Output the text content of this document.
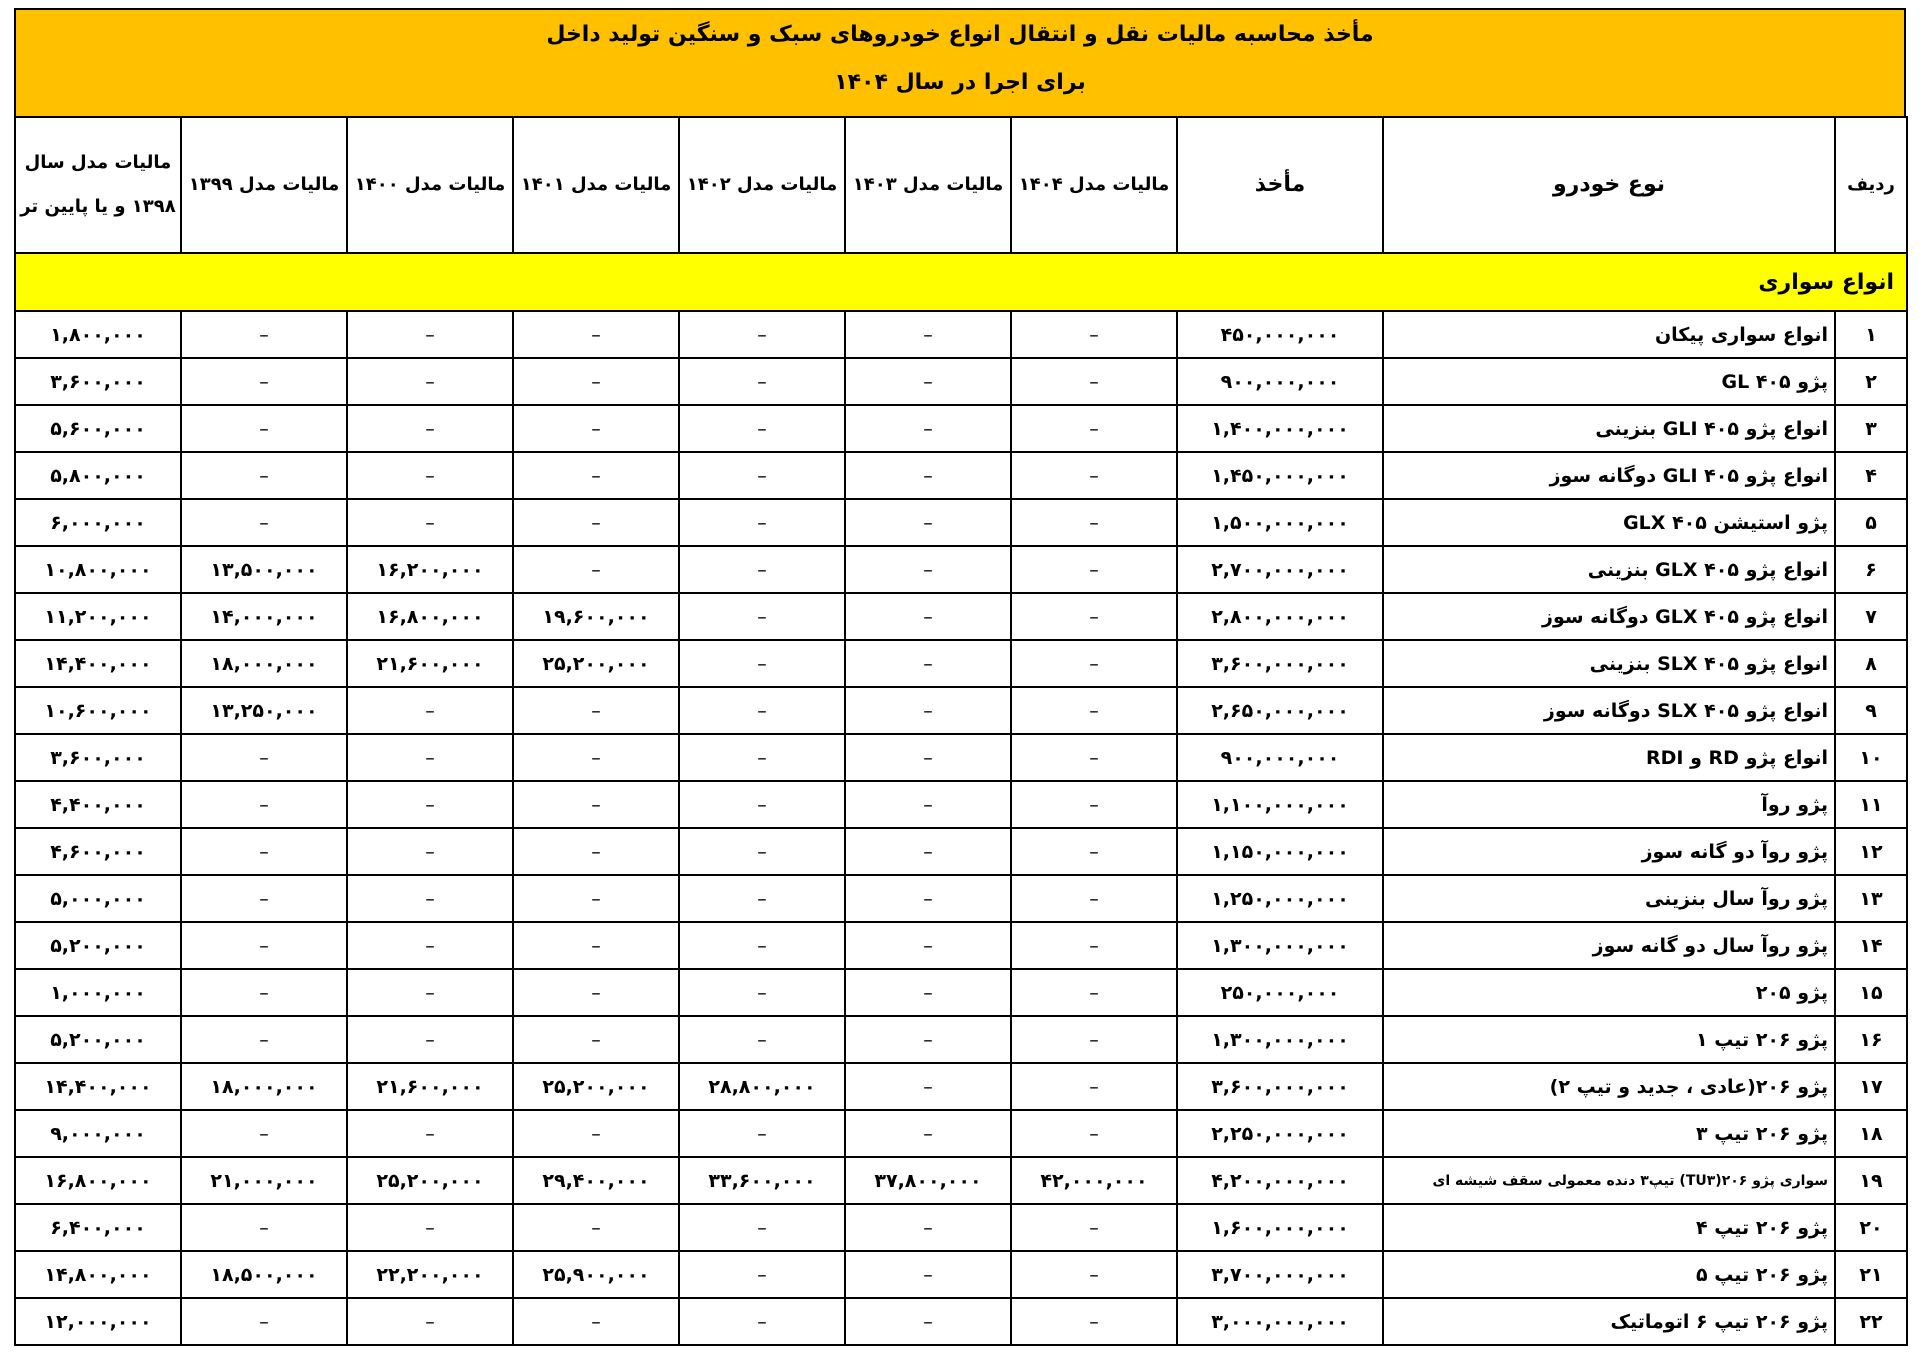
مأخذ محاسبه مالیات نقل و انتقال انواع خودروهای سبک و سنگین تولید داخل
برای اجرا در سال ۱۴۰۴
ردیف	نوع خودرو	مأخذ	مالیات مدل ۱۴۰۴	مالیات مدل ۱۴۰۳	مالیات مدل ۱۴۰۲	مالیات مدل ۱۴۰۱	مالیات مدل ۱۴۰۰	مالیات مدل ۱۳۹۹	مالیات مدل سال ۱۳۹۸ و یا پایین تر
انواع سواری									
۱	انواع سواری پیکان	۴۵۰,۰۰۰,۰۰۰	–	–	–	–	–	–	۱,۸۰۰,۰۰۰
۲	پژو ۴۰۵ GL	۹۰۰,۰۰۰,۰۰۰	–	–	–	–	–	–	۳,۶۰۰,۰۰۰
۳	انواع پژو ۴۰۵ GLI بنزینی	۱,۴۰۰,۰۰۰,۰۰۰	–	–	–	–	–	–	۵,۶۰۰,۰۰۰
۴	انواع پژو ۴۰۵ GLI دوگانه سوز	۱,۴۵۰,۰۰۰,۰۰۰	–	–	–	–	–	–	۵,۸۰۰,۰۰۰
۵	پژو استیشن ۴۰۵ GLX	۱,۵۰۰,۰۰۰,۰۰۰	–	–	–	–	–	–	۶,۰۰۰,۰۰۰
۶	انواع پژو ۴۰۵ GLX بنزینی	۲,۷۰۰,۰۰۰,۰۰۰	–	–	–	–	۱۶,۲۰۰,۰۰۰	۱۳,۵۰۰,۰۰۰	۱۰,۸۰۰,۰۰۰
۷	انواع پژو ۴۰۵ GLX دوگانه سوز	۲,۸۰۰,۰۰۰,۰۰۰	–	–	–	۱۹,۶۰۰,۰۰۰	۱۶,۸۰۰,۰۰۰	۱۴,۰۰۰,۰۰۰	۱۱,۲۰۰,۰۰۰
۸	انواع پژو ۴۰۵ SLX بنزینی	۳,۶۰۰,۰۰۰,۰۰۰	–	–	–	۲۵,۲۰۰,۰۰۰	۲۱,۶۰۰,۰۰۰	۱۸,۰۰۰,۰۰۰	۱۴,۴۰۰,۰۰۰
۹	انواع پژو ۴۰۵ SLX دوگانه سوز	۲,۶۵۰,۰۰۰,۰۰۰	–	–	–	–	–	۱۳,۲۵۰,۰۰۰	۱۰,۶۰۰,۰۰۰
۱۰	انواع پژو RD و RDI	۹۰۰,۰۰۰,۰۰۰	–	–	–	–	–	–	۳,۶۰۰,۰۰۰
۱۱	پژو روآ	۱,۱۰۰,۰۰۰,۰۰۰	–	–	–	–	–	–	۴,۴۰۰,۰۰۰
۱۲	پژو روآ دو گانه سوز	۱,۱۵۰,۰۰۰,۰۰۰	–	–	–	–	–	–	۴,۶۰۰,۰۰۰
۱۳	پژو روآ سال بنزینی	۱,۲۵۰,۰۰۰,۰۰۰	–	–	–	–	–	–	۵,۰۰۰,۰۰۰
۱۴	پژو روآ سال دو گانه سوز	۱,۳۰۰,۰۰۰,۰۰۰	–	–	–	–	–	–	۵,۲۰۰,۰۰۰
۱۵	پژو ۲۰۵	۲۵۰,۰۰۰,۰۰۰	–	–	–	–	–	–	۱,۰۰۰,۰۰۰
۱۶	پژو ۲۰۶ تیپ ۱	۱,۳۰۰,۰۰۰,۰۰۰	–	–	–	–	–	–	۵,۲۰۰,۰۰۰
۱۷	پژو ۲۰۶(عادی ، جدید و تیپ ۲)	۳,۶۰۰,۰۰۰,۰۰۰	–	–	۲۸,۸۰۰,۰۰۰	۲۵,۲۰۰,۰۰۰	۲۱,۶۰۰,۰۰۰	۱۸,۰۰۰,۰۰۰	۱۴,۴۰۰,۰۰۰
۱۸	پژو ۲۰۶ تیپ ۳	۲,۲۵۰,۰۰۰,۰۰۰	–	–	–	–	–	–	۹,۰۰۰,۰۰۰
۱۹	سواری پژو ۲۰۶(TU۳) تیپ۳ دنده معمولی سقف شیشه ای	۴,۲۰۰,۰۰۰,۰۰۰	۴۲,۰۰۰,۰۰۰	۳۷,۸۰۰,۰۰۰	۳۳,۶۰۰,۰۰۰	۲۹,۴۰۰,۰۰۰	۲۵,۲۰۰,۰۰۰	۲۱,۰۰۰,۰۰۰	۱۶,۸۰۰,۰۰۰
۲۰	پژو ۲۰۶ تیپ ۴	۱,۶۰۰,۰۰۰,۰۰۰	–	–	–	–	–	–	۶,۴۰۰,۰۰۰
۲۱	پژو ۲۰۶ تیپ ۵	۳,۷۰۰,۰۰۰,۰۰۰	–	–	–	۲۵,۹۰۰,۰۰۰	۲۲,۲۰۰,۰۰۰	۱۸,۵۰۰,۰۰۰	۱۴,۸۰۰,۰۰۰
۲۲	پژو ۲۰۶ تیپ ۶ اتوماتیک	۳,۰۰۰,۰۰۰,۰۰۰	–	–	–	–	–	–	۱۲,۰۰۰,۰۰۰
